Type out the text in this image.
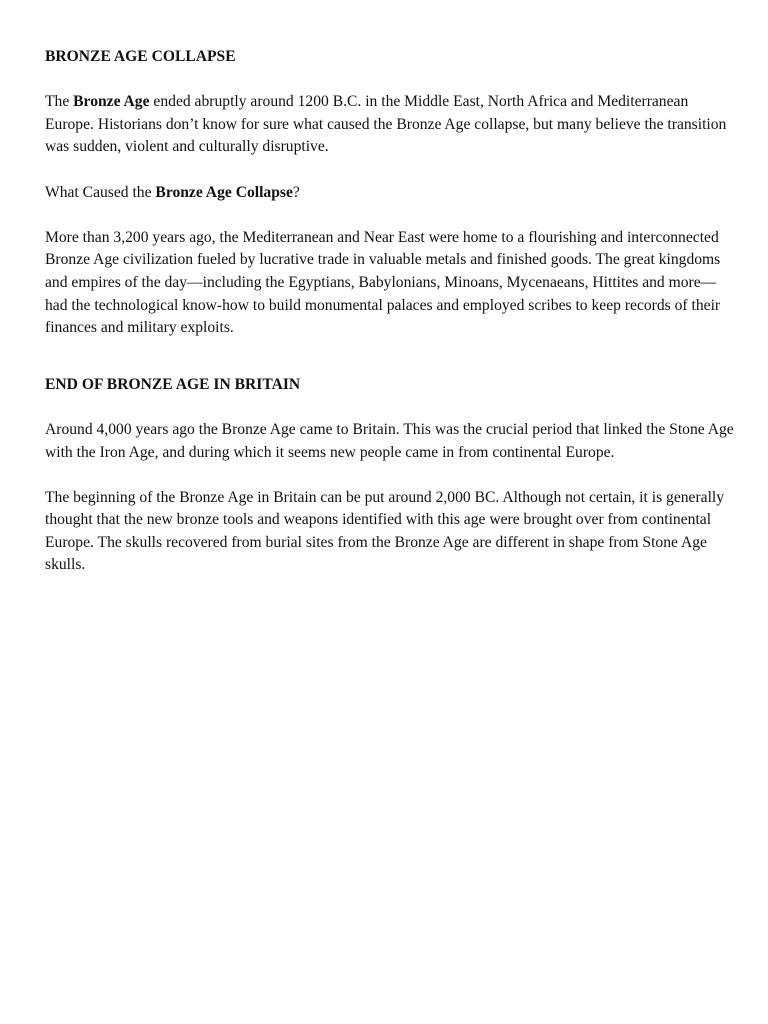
BRONZE AGE COLLAPSE

The Bronze Age ended abruptly around 1200 B.C. in the Middle East, North Africa and Mediterranean Europe. Historians don’t know for sure what caused the Bronze Age collapse, but many believe the transition was sudden, violent and culturally disruptive.

What Caused the Bronze Age Collapse?

More than 3,200 years ago, the Mediterranean and Near East were home to a flourishing and interconnected Bronze Age civilization fueled by lucrative trade in valuable metals and finished goods. The great kingdoms and empires of the day—including the Egyptians, Babylonians, Minoans, Mycenaeans, Hittites and more—had the technological know-how to build monumental palaces and employed scribes to keep records of their finances and military exploits.

END OF BRONZE AGE IN BRITAIN

Around 4,000 years ago the Bronze Age came to Britain. This was the crucial period that linked the Stone Age with the Iron Age, and during which it seems new people came in from continental Europe.

The beginning of the Bronze Age in Britain can be put around 2,000 BC. Although not certain, it is generally thought that the new bronze tools and weapons identified with this age were brought over from continental Europe. The skulls recovered from burial sites from the Bronze Age are different in shape from Stone Age skulls.
